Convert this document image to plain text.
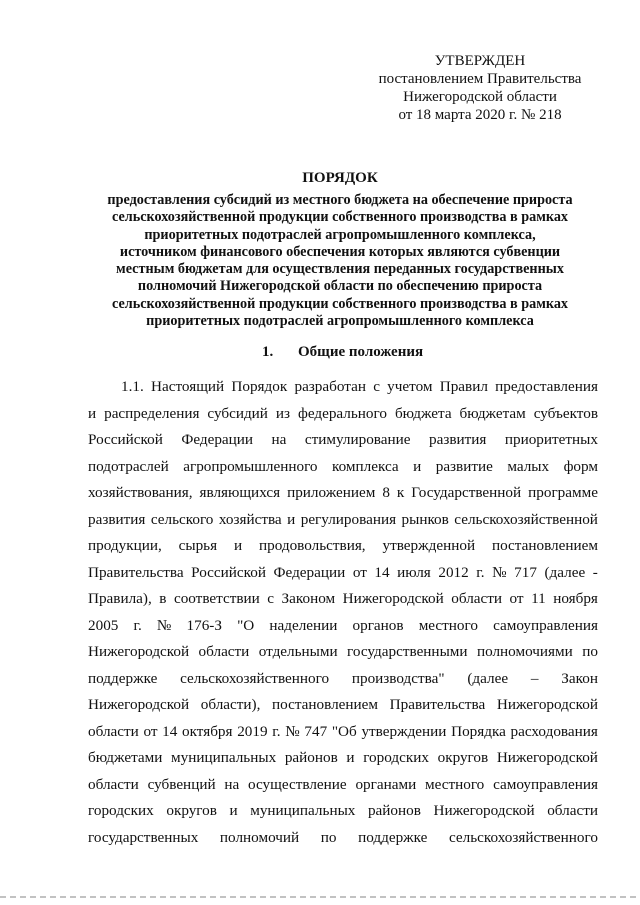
УТВЕРЖДЕН
постановлением Правительства
Нижегородской области
от 18 марта 2020 г. № 218
ПОРЯДОК
предоставления субсидий из местного бюджета на обеспечение прироста
сельскохозяйственной продукции собственного производства в рамках
приоритетных подотраслей агропромышленного комплекса,
источником финансового обеспечения которых являются субвенции
местным бюджетам для осуществления переданных государственных
полномочий Нижегородской области по обеспечению прироста
сельскохозяйственной продукции собственного производства в рамках
приоритетных подотраслей агропромышленного комплекса
1. Общие положения
1.1. Настоящий Порядок разработан с учетом Правил предоставления
и распределения субсидий из федерального бюджета бюджетам субъектов
Российской Федерации на стимулирование развития приоритетных
подотраслей агропромышленного комплекса и развитие малых форм
хозяйствования, являющихся приложением 8 к Государственной программе
развития сельского хозяйства и регулирования рынков сельскохозяйственной
продукции, сырья и продовольствия, утвержденной постановлением
Правительства Российской Федерации от 14 июля 2012 г. № 717 (далее -
Правила), в соответствии с Законом Нижегородской области от 11 ноября
2005 г. № 176-З "О наделении органов местного самоуправления
Нижегородской области отдельными государственными полномочиями по
поддержке сельскохозяйственного производства" (далее – Закон
Нижегородской области), постановлением Правительства Нижегородской
области от 14 октября 2019 г. № 747 "Об утверждении Порядка расходования
бюджетами муниципальных районов и городских округов Нижегородской
области субвенций на осуществление органами местного самоуправления
городских округов и муниципальных районов Нижегородской области
государственных полномочий по поддержке сельскохозяйственного
